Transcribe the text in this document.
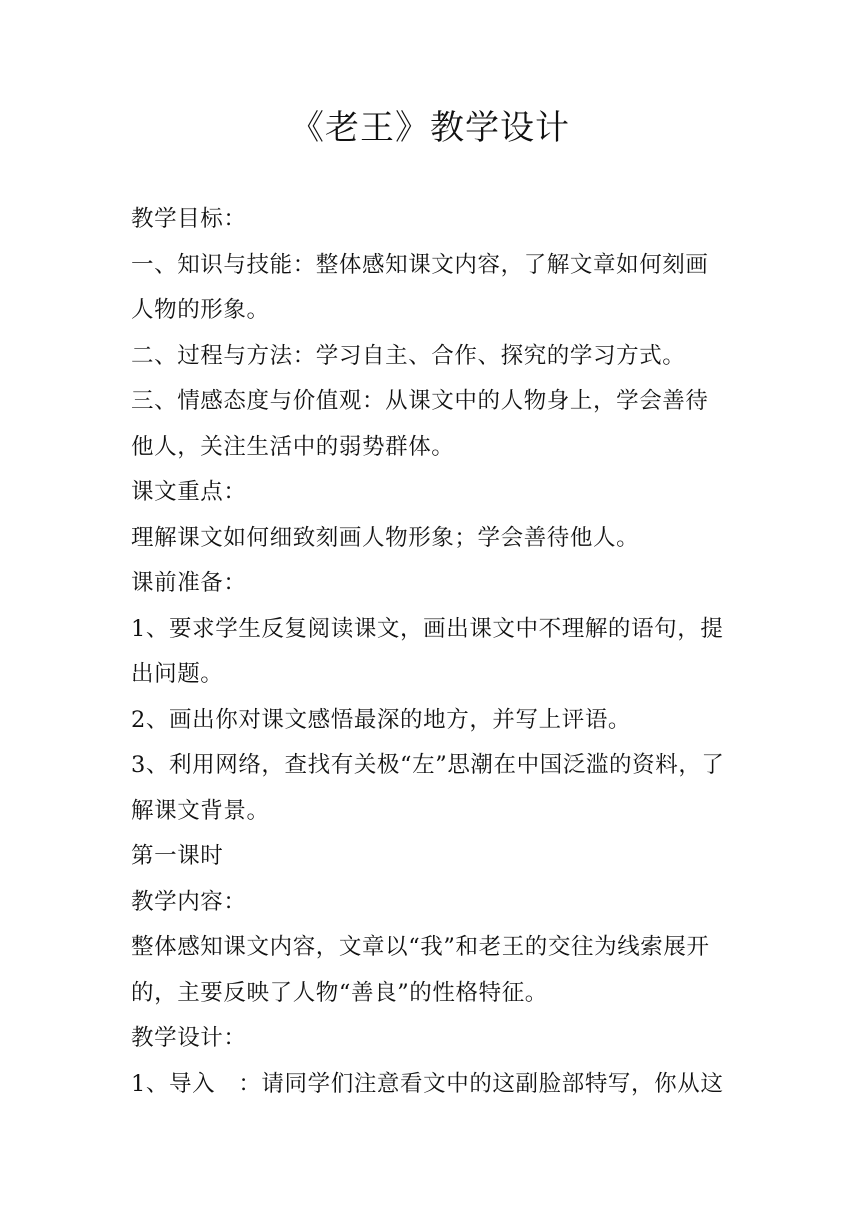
《老王》教学设计

教学目标：

一、知识与技能：整体感知课文内容，了解文章如何刻画人物的形象。

二、过程与方法：学习自主、合作、探究的学习方式。

三、情感态度与价值观：从课文中的人物身上，学会善待他人，关注生活中的弱势群体。

课文重点：

理解课文如何细致刻画人物形象；学会善待他人。

课前准备：

1、要求学生反复阅读课文，画出课文中不理解的语句，提出问题。

2、画出你对课文感悟最深的地方，并写上评语。

3、利用网络，查找有关极“左”思潮在中国泛滥的资料，了解课文背景。

第一课时

教学内容：

整体感知课文内容，文章以“我”和老王的交往为线索展开的，主要反映了人物“善良”的性格特征。

教学设计：

1、导入　：请同学们注意看文中的这副脸部特写，你从这
